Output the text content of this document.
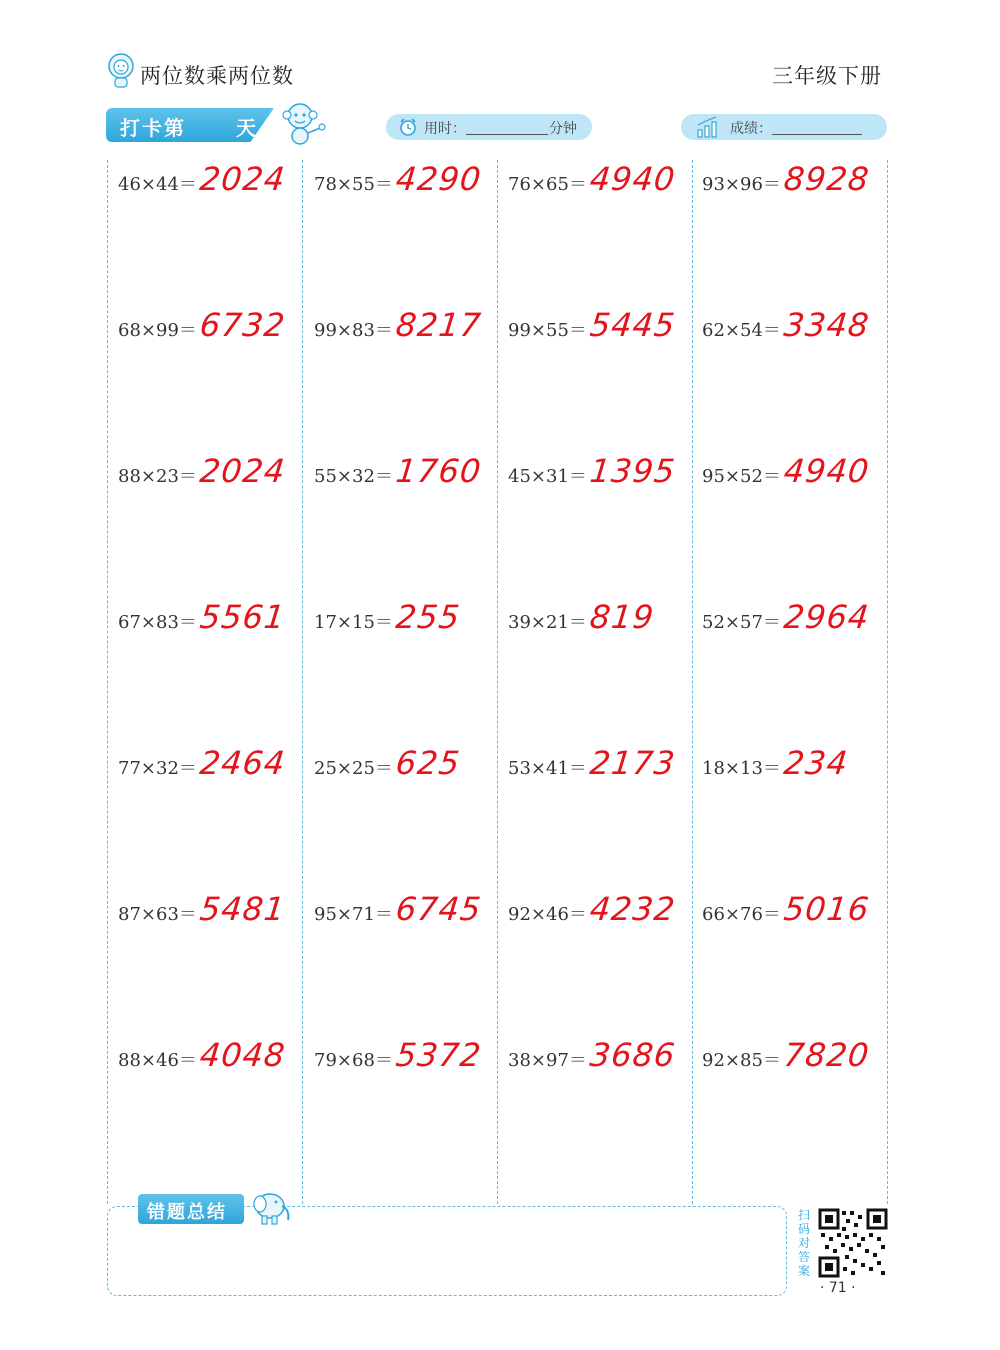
两位数乘两位数	三年级下册
打卡第	天	用时：	分钟	成绩：
46×44＝ 2024 78×55＝ 4290 76×65＝ 4940 93×96＝ 8928
68×99＝ 6732 99×83＝ 8217 99×55＝ 5445 62×54＝ 3348
88×23＝ 2024 55×32＝ 1760 45×31＝ 1395 95×52＝ 4940
67×83＝ 5561 17×15＝ 255	39×21＝ 819	52×57＝ 2964
77×32＝ 2464 25×25＝ 625	53×41＝ 2173 18×13＝ 234
87×63＝ 5481 95×71＝ 6745 92×46＝ 4232 66×76＝ 5016
88×46＝ 4048 79×68＝ 5372 38×97＝ 3686 92×85＝ 7820
错题总结	扫码对答案
· 71 ·
